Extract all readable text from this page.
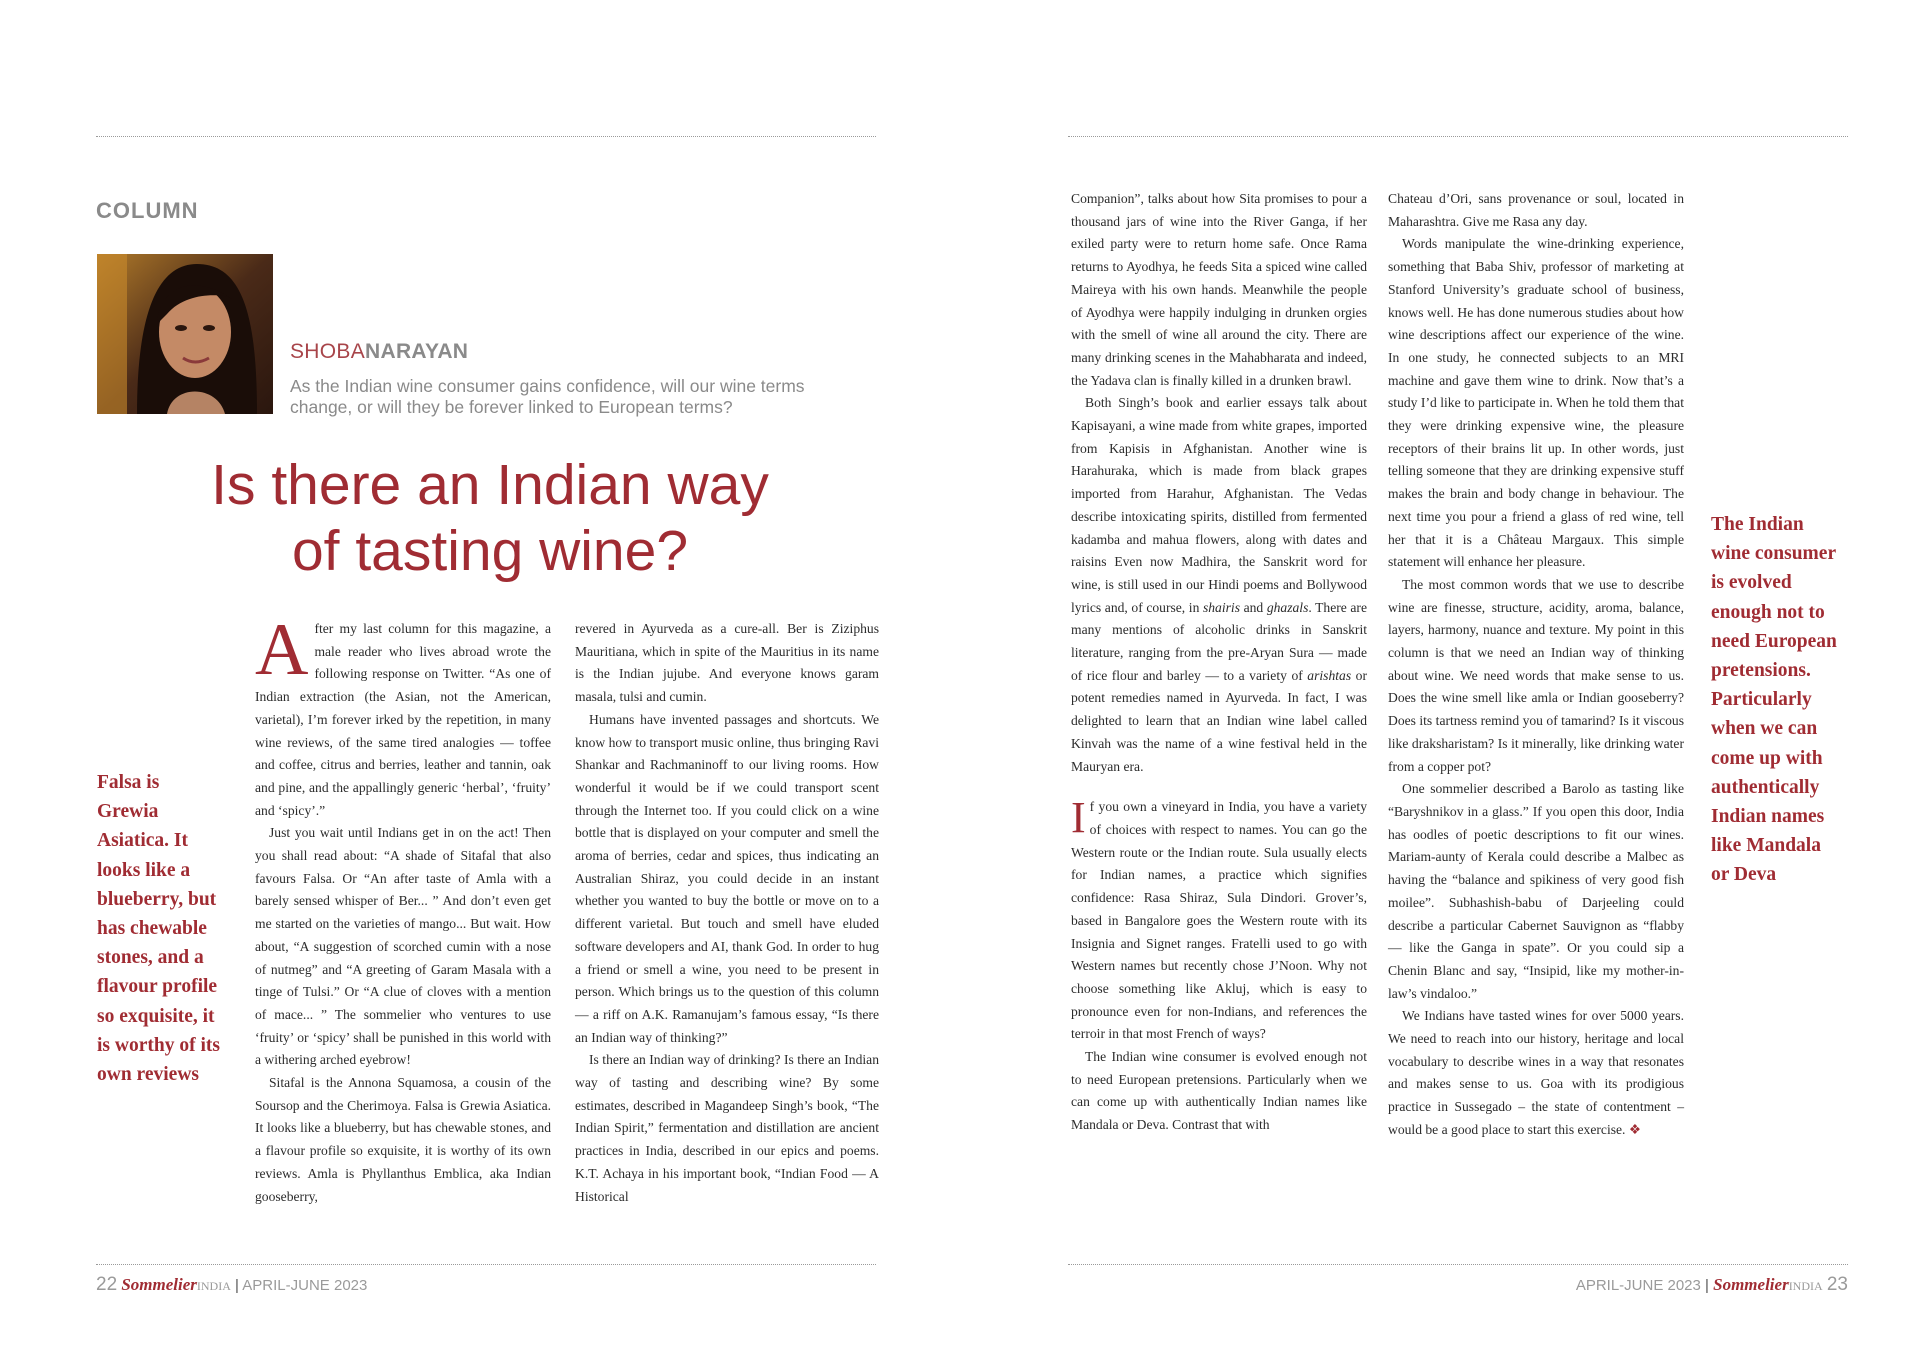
COLUMN
SHOBANARAYAN
As the Indian wine consumer gains confidence, will our wine terms change, or will they be forever linked to European terms?
Is there an Indian way
of tasting wine?
Falsa is
Grewia
Asiatica. It
looks like a
blueberry, but
has chewable
stones, and a
flavour profile
so exquisite, it
is worthy of its
own reviews

After my last column for this magazine, a male reader who lives abroad wrote the following response on Twitter. “As one of Indian extraction (the Asian, not the American, varietal), I’m forever irked by the repetition, in many wine reviews, of the same tired analogies — toffee and coffee, citrus and berries, leather and tannin, oak and pine, and the appallingly generic ‘herbal’, ‘fruity’ and ‘spicy’.”

Just you wait until Indians get in on the act! Then you shall read about: “A shade of Sitafal that also favours Falsa. Or “An after taste of Amla with a barely sensed whisper of Ber... ” And don’t even get me started on the varieties of mango... But wait. How about, “A suggestion of scorched cumin with a nose of nutmeg” and “A greeting of Garam Masala with a tinge of Tulsi.” Or “A clue of cloves with a mention of mace... ” The sommelier who ventures to use ‘fruity’ or ‘spicy’ shall be punished in this world with a withering arched eyebrow!

Sitafal is the Annona Squamosa, a cousin of the Soursop and the Cherimoya. Falsa is Grewia Asiatica. It looks like a blueberry, but has chewable stones, and a flavour profile so exquisite, it is worthy of its own reviews. Amla is Phyllanthus Emblica, aka Indian gooseberry,

revered in Ayurveda as a cure-all. Ber is Ziziphus Mauritiana, which in spite of the Mauritius in its name is the Indian jujube. And everyone knows garam masala, tulsi and cumin.

Humans have invented passages and shortcuts. We know how to transport music online, thus bringing Ravi Shankar and Rachmaninoff to our living rooms. How wonderful it would be if we could transport scent through the Internet too. If you could click on a wine bottle that is displayed on your computer and smell the aroma of berries, cedar and spices, thus indicating an Australian Shiraz, you could decide in an instant whether you wanted to buy the bottle or move on to a different varietal. But touch and smell have eluded software developers and AI, thank God. In order to hug a friend or smell a wine, you need to be present in person. Which brings us to the question of this column — a riff on A.K. Ramanujam’s famous essay, “Is there an Indian way of thinking?”

Is there an Indian way of drinking? Is there an Indian way of tasting and describing wine? By some estimates, described in Magandeep Singh’s book, “The Indian Spirit,” fermentation and distillation are ancient practices in India, described in our epics and poems. K.T. Achaya in his important book, “Indian Food — A Historical

Companion”, talks about how Sita promises to pour a thousand jars of wine into the River Ganga, if her exiled party were to return home safe. Once Rama returns to Ayodhya, he feeds Sita a spiced wine called Maireya with his own hands. Meanwhile the people of Ayodhya were happily indulging in drunken orgies with the smell of wine all around the city. There are many drinking scenes in the Mahabharata and indeed, the Yadava clan is finally killed in a drunken brawl.

Both Singh’s book and earlier essays talk about Kapisayani, a wine made from white grapes, imported from Kapisis in Afghanistan. Another wine is Harahuraka, which is made from black grapes imported from Harahur, Afghanistan. The Vedas describe intoxicating spirits, distilled from fermented kadamba and mahua flowers, along with dates and raisins Even now Madhira, the Sanskrit word for wine, is still used in our Hindi poems and Bollywood lyrics and, of course, in shairis and ghazals. There are many mentions of alcoholic drinks in Sanskrit literature, ranging from the pre-Aryan Sura — made of rice flour and barley — to a variety of arishtas or potent remedies named in Ayurveda. In fact, I was delighted to learn that an Indian wine label called Kinvah was the name of a wine festival held in the Mauryan era.

If you own a vineyard in India, you have a variety of choices with respect to names. You can go the Western route or the Indian route. Sula usually elects for Indian names, a practice which signifies confidence: Rasa Shiraz, Sula Dindori. Grover’s, based in Bangalore goes the Western route with its Insignia and Signet ranges. Fratelli used to go with Western names but recently chose J’Noon. Why not choose something like Akluj, which is easy to pronounce even for non-Indians, and references the terroir in that most French of ways?

The Indian wine consumer is evolved enough not to need European pretensions. Particularly when we can come up with authentically Indian names like Mandala or Deva. Contrast that with

Chateau d’Ori, sans provenance or soul, located in Maharashtra. Give me Rasa any day.

Words manipulate the wine-drinking experience, something that Baba Shiv, professor of marketing at Stanford University’s graduate school of business, knows well. He has done numerous studies about how wine descriptions affect our experience of the wine. In one study, he connected subjects to an MRI machine and gave them wine to drink. Now that’s a study I’d like to participate in. When he told them that they were drinking expensive wine, the pleasure receptors of their brains lit up. In other words, just telling someone that they are drinking expensive stuff makes the brain and body change in behaviour. The next time you pour a friend a glass of red wine, tell her that it is a Château Margaux. This simple statement will enhance her pleasure.

The most common words that we use to describe wine are finesse, structure, acidity, aroma, balance, layers, harmony, nuance and texture. My point in this column is that we need an Indian way of thinking about wine. We need words that make sense to us. Does the wine smell like amla or Indian gooseberry? Does its tartness remind you of tamarind? Is it viscous like draksharistam? Is it minerally, like drinking water from a copper pot?

One sommelier described a Barolo as tasting like “Baryshnikov in a glass.” If you open this door, India has oodles of poetic descriptions to fit our wines. Mariam-aunty of Kerala could describe a Malbec as having the “balance and spikiness of very good fish moilee”. Subhashish-babu of Darjeeling could describe a particular Cabernet Sauvignon as “flabby — like the Ganga in spate”. Or you could sip a Chenin Blanc and say, “Insipid, like my mother-in-law’s vindaloo.”

We Indians have tasted wines for over 5000 years. We need to reach into our history, heritage and local vocabulary to describe wines in a way that resonates and makes sense to us. Goa with its prodigious practice in Sussegado – the state of contentment – would be a good place to start this exercise. ❖

The Indian
wine consumer
is evolved
enough not to
need European
pretensions.
Particularly
when we can
come up with
authentically
Indian names
like Mandala
or Deva
22 SommelierINDIA | APRIL-JUNE 2023	APRIL-JUNE 2023 | SommelierINDIA 23
